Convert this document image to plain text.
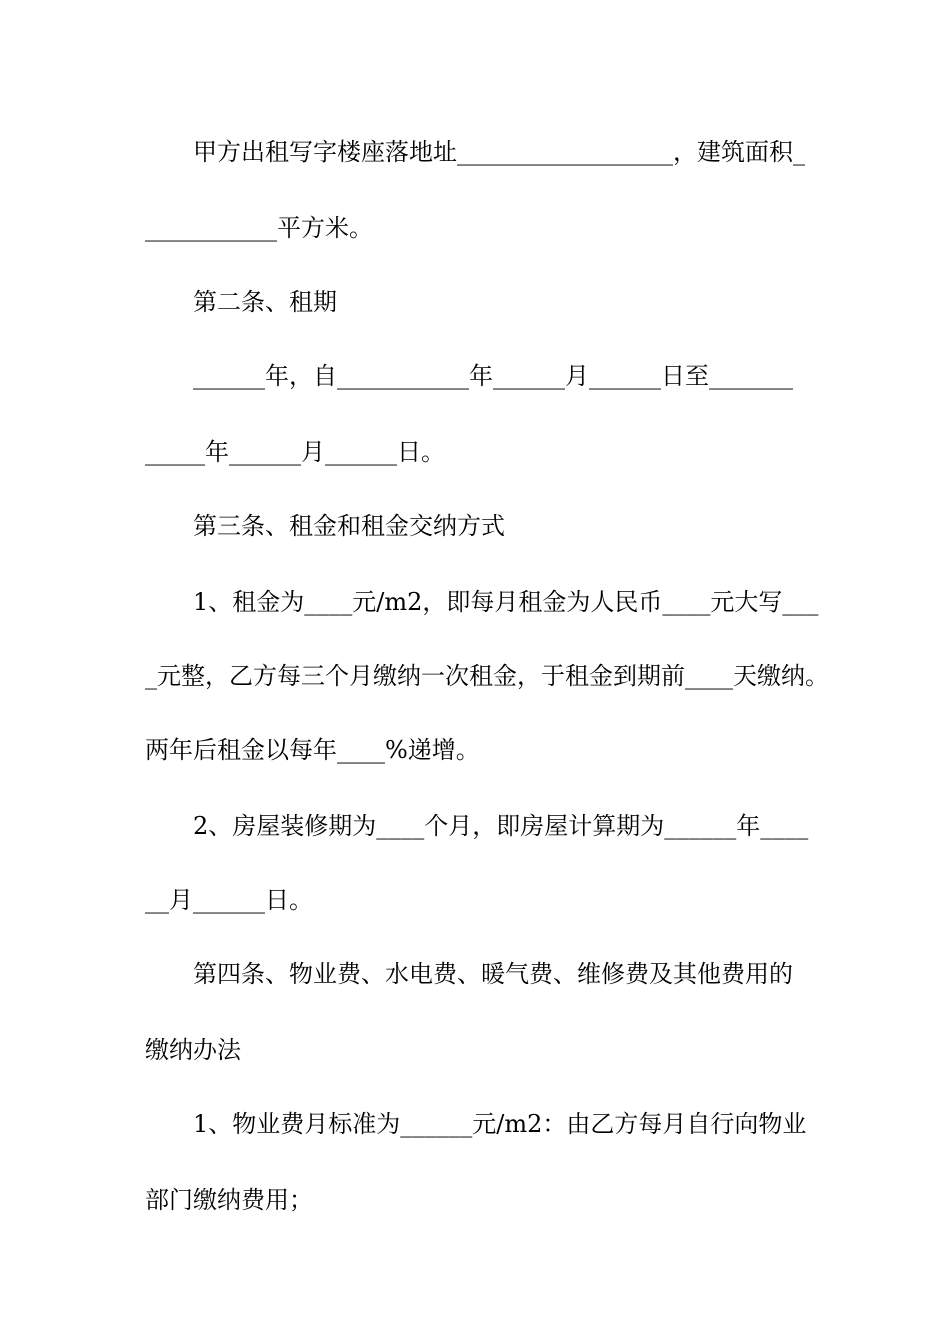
甲方出租写字楼座落地址__________________，建筑面积_
___________平方米。
第二条、租期
______年，自___________年______月______日至_______
_____年______月______日。
第三条、租金和租金交纳方式
1、租金为____元/m2，即每月租金为人民币____元大写___
_元整，乙方每三个月缴纳一次租金，于租金到期前____天缴纳。
两年后租金以每年____%递增。
2、房屋装修期为____个月，即房屋计算期为______年____
__月______日。
第四条、物业费、水电费、暖气费、维修费及其他费用的
缴纳办法
1、物业费月标准为______元/m2：由乙方每月自行向物业
部门缴纳费用；
